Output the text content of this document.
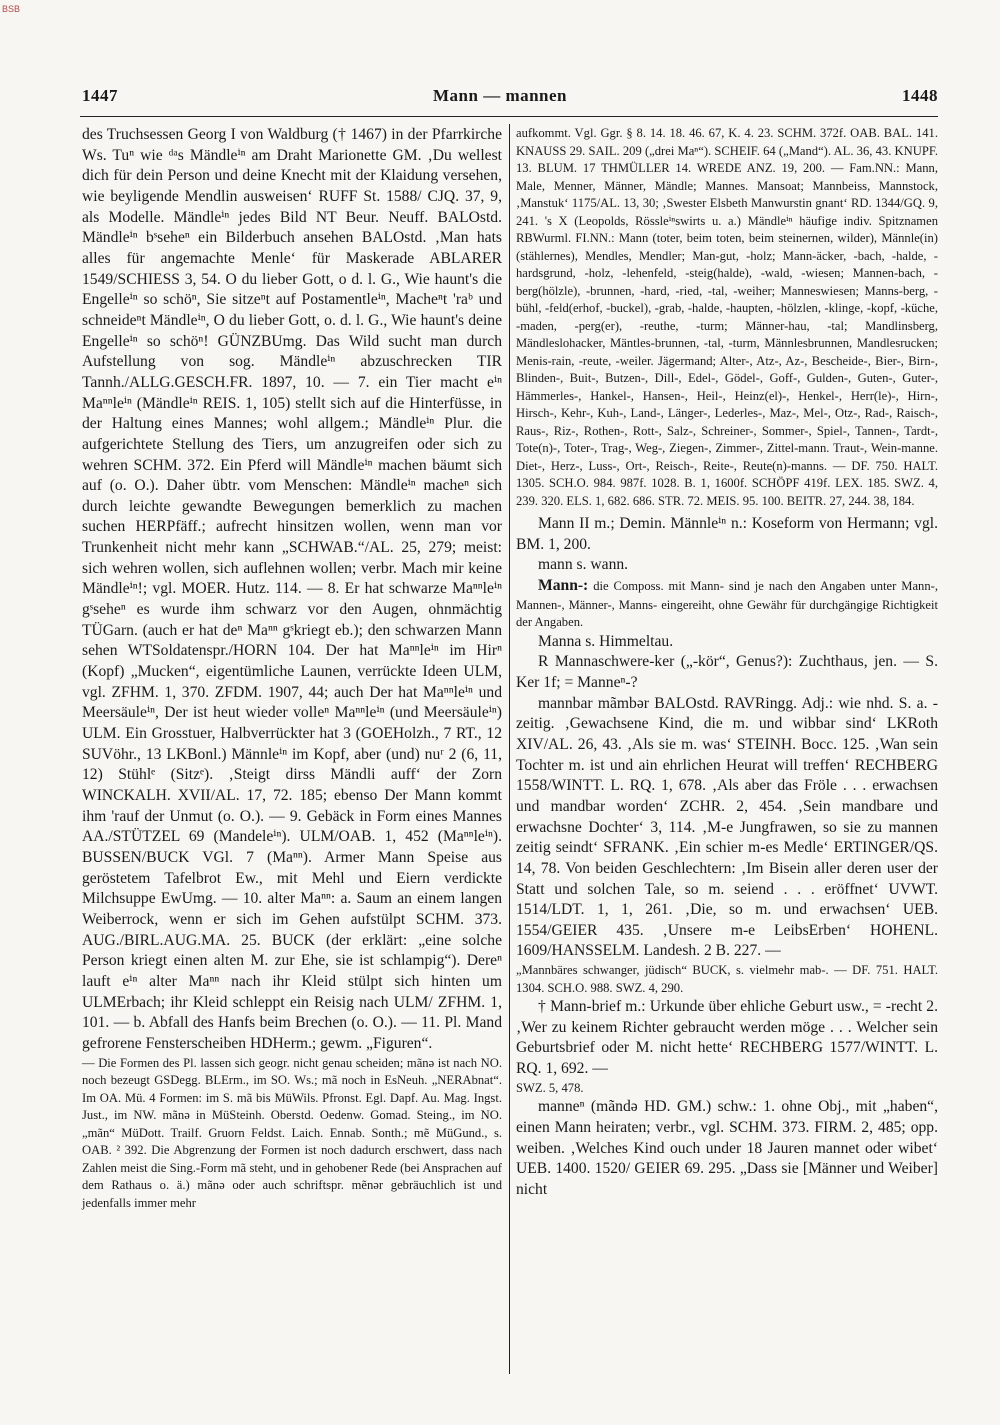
BSB
1447	Mann — mannen	1448

des Truchsessen Georg I von Waldburg († 1467) in der Pfarrkirche Ws. Tuⁿ wie ᵈᵃs Mändleⁱⁿ am Draht Marionette GM. ‚Du wellest dich für dein Person und deine Knecht mit der Klaidung versehen, wie beyligende Mendlin ausweisen‘ RUFF St. 1588/ CJQ. 37, 9, als Modelle. Mändleⁱⁿ jedes Bild NT Beur. Neuff. BALOstd. Mändleⁱⁿ bˢseheⁿ ein Bilderbuch ansehen BALOstd. ‚Man hats alles für angemachte Menle‘ für Maskerade ABLARER 1549/SCHIESS 3, 54. O du lieber Gott, o d. l. G., Wie haunt's die Engelleⁱⁿ so schöⁿ, Sie sitzeⁿt auf Postamentleⁱⁿ, Macheⁿt 'raᵇ und schneideⁿt Mändleⁱⁿ, O du lieber Gott, o. d. l. G., Wie haunt's deine Engelleⁱⁿ so schöⁿ! GÜNZBUmg. Das Wild sucht man durch Aufstellung von sog. Mändleⁱⁿ abzuschrecken TIR Tannh./ALLG.GESCH.FR. 1897, 10. — 7. ein Tier macht eⁱⁿ Maⁿⁿleⁱⁿ (Mändleⁱⁿ REIS. 1, 105) stellt sich auf die Hinterfüsse, in der Haltung eines Mannes; wohl allgem.; Mändleⁱⁿ Plur. die aufgerichtete Stellung des Tiers, um anzugreifen oder sich zu wehren SCHM. 372. Ein Pferd will Mändleⁱⁿ machen bäumt sich auf (o. O.). Daher übtr. vom Menschen: Mändleⁱⁿ macheⁿ sich durch leichte gewandte Bewegungen bemerklich zu machen suchen HERPfäff.; aufrecht hinsitzen wollen, wenn man vor Trunkenheit nicht mehr kann „SCHWAB.“/AL. 25, 279; meist: sich wehren wollen, sich auflehnen wollen; verbr. Mach mir keine Mändleⁱⁿ!; vgl. MOER. Hutz. 114. — 8. Er hat schwarze Maⁿⁿleⁱⁿ gˢseheⁿ es wurde ihm schwarz vor den Augen, ohnmächtig TÜGarn. (auch er hat deⁿ Maⁿⁿ gˢkriegt eb.); den schwarzen Mann sehen WTSoldatenspr./HORN 104. Der hat Maⁿⁿleⁱⁿ im Hirⁿ (Kopf) „Mucken“, eigentümliche Launen, verrückte Ideen ULM, vgl. ZFHM. 1, 370. ZFDM. 1907, 44; auch Der hat Maⁿⁿleⁱⁿ und Meersäuleⁱⁿ, Der ist heut wieder volleⁿ Maⁿⁿleⁱⁿ (und Meersäuleⁱⁿ) ULM. Ein Grosstuer, Halbverrückter hat 3 (GOEHolzh., 7 RT., 12 SUVöhr., 13 LKBonl.) Männleⁱⁿ im Kopf, aber (und) nuʳ 2 (6, 11, 12) Stühlᵉ (Sitzᵉ). ‚Steigt dirss Mändli auff‘ der Zorn WINCKALH. XVII/AL. 17, 72. 185; ebenso Der Mann kommt ihm 'rauf der Unmut (o. O.). — 9. Gebäck in Form eines Mannes AA./STÜTZEL 69 (Mandeleⁱⁿ). ULM/OAB. 1, 452 (Maⁿⁿleⁱⁿ). BUSSEN/BUCK VGl. 7 (Maⁿⁿ). Armer Mann Speise aus geröstetem Tafelbrot Ew., mit Mehl und Eiern verdickte Milchsuppe EwUmg. — 10. alter Maⁿⁿ: a. Saum an einem langen Weiberrock, wenn er sich im Gehen aufstülpt SCHM. 373. AUG./BIRL.AUG.MA. 25. BUCK (der erklärt: „eine solche Person kriegt einen alten M. zur Ehe, sie ist schlampig“). Dereⁿ lauft eⁱⁿ alter Maⁿⁿ nach ihr Kleid stülpt sich hinten um ULMErbach; ihr Kleid schleppt ein Reisig nach ULM/ ZFHM. 1, 101. — b. Abfall des Hanfs beim Brechen (o. O.). — 11. Pl. Mand gefrorene Fensterscheiben HDHerm.; gewm. „Figuren“.

— Die Formen des Pl. lassen sich geogr. nicht genau scheiden; mãnə ist nach NO. noch bezeugt GSDegg. BLErm., im SO. Ws.; mã noch in EsNeuh. „NERAbnat“. Im OA. Mü. 4 Formen: im S. mã bis MüWils. Pfronst. Egl. Dapf. Au. Mag. Ingst. Just., im NW. mãnə in MüSteinh. Oberstd. Oedenw. Gomad. Steing., im NO. „mãn“ MüDott. Trailf. Gruorn Feldst. Laich. Ennab. Sonth.; mẽ MüGund., s. OAB. ² 392. Die Abgrenzung der Formen ist noch dadurch erschwert, dass nach Zahlen meist die Sing.-Form mã steht, und in gehobener Rede (bei Ansprachen auf dem Rathaus o. ä.) mãnə oder auch schriftspr. mẽnər gebräuchlich ist und jedenfalls immer mehr

aufkommt. Vgl. Ggr. § 8. 14. 18. 46. 67, K. 4. 23. SCHM. 372f. OAB. BAL. 141. KNAUSS 29. SAIL. 209 („drei Maⁿ“). SCHEIF. 64 („Mand“). AL. 36, 43. KNUPF. 13. BLUM. 17 THMÜLLER 14. WREDE ANZ. 19, 200. — Fam.NN.: Mann, Male, Menner, Männer, Mändle; Mannes. Mansoat; Mannbeiss, Mannstock, ‚Manstuk‘ 1175/AL. 13, 30; ‚Swester Elsbeth Manwurstin gnant‘ RD. 1344/GQ. 9, 241. 's X (Leopolds, Rössleⁱⁿswirts u. a.) Mändleⁱⁿ häufige indiv. Spitznamen RBWurml. FI.NN.: Mann (toter, beim toten, beim steinernen, wilder), Männle(in) (stählernes), Mendles, Mendler; Man-gut, -holz; Mann-äcker, -bach, -halde, -hardsgrund, -holz, -lehenfeld, -steig(halde), -wald, -wiesen; Mannen-bach, -berg(hölzle), -brunnen, -hard, -ried, -tal, -weiher; Manneswiesen; Manns-berg, -bühl, -feld(erhof, -buckel), -grab, -halde, -haupten, -hölzlen, -klinge, -kopf, -küche, -maden, -perg(er), -reuthe, -turm; Männer-hau, -tal; Mandlinsberg, Mändleslohacker, Mäntles-brunnen, -tal, -turm, Männlesbrunnen, Mandlesrucken; Menis-rain, -reute, -weiler. Jägermand; Alter-, Atz-, Az-, Bescheide-, Bier-, Birn-, Blinden-, Buit-, Butzen-, Dill-, Edel-, Gödel-, Goff-, Gulden-, Guten-, Guter-, Hämmerles-, Hankel-, Hansen-, Heil-, Heinz(el)-, Henkel-, Herr(le)-, Hirn-, Hirsch-, Kehr-, Kuh-, Land-, Länger-, Lederles-, Maz-, Mel-, Otz-, Rad-, Raisch-, Raus-, Riz-, Rothen-, Rott-, Salz-, Schreiner-, Sommer-, Spiel-, Tannen-, Tardt-, Tote(n)-, Toter-, Trag-, Weg-, Ziegen-, Zimmer-, Zittel-mann. Traut-, Wein-manne. Diet-, Herz-, Luss-, Ort-, Reisch-, Reite-, Reute(n)-manns. — DF. 750. HALT. 1305. SCH.O. 984. 987f. 1028. B. 1, 1600f. SCHÖPF 419f. LEX. 185. SWZ. 4, 239. 320. ELS. 1, 682. 686. STR. 72. MEIS. 95. 100. BEITR. 27, 244. 38, 184.

Mann II m.; Demin. Männleⁱⁿ n.: Koseform von Hermann; vgl. BM. 1, 200.

mann s. wann.

Mann-: die Composs. mit Mann- sind je nach den Angaben unter Mann-, Mannen-, Männer-, Manns- eingereiht, ohne Gewähr für durchgängige Richtigkeit der Angaben.

Manna s. Himmeltau.

R Mannaschwere-ker („-kör“, Genus?): Zuchthaus, jen. — S. Ker 1f; = Manneⁿ-?

mannbar mãmbər BALOstd. RAVRingg. Adj.: wie nhd. S. a. -zeitig. ‚Gewachsene Kind, die m. und wibbar sind‘ LKRoth XIV/AL. 26, 43. ‚Als sie m. was‘ STEINH. Bocc. 125. ‚Wan sein Tochter m. ist und ain ehrlichen Heurat will treffen‘ RECHBERG 1558/WINTT. L. RQ. 1, 678. ‚Als aber das Fröle . . . erwachsen und mandbar worden‘ ZCHR. 2, 454. ‚Sein mandbare und erwachsne Dochter‘ 3, 114. ‚M-e Jungfrawen, so sie zu mannen zeitig seindt‘ SFRANK. ‚Ein schier m-es Medle‘ ERTINGER/QS. 14, 78. Von beiden Geschlechtern: ‚Im Bisein aller deren user der Statt und solchen Tale, so m. seiend . . . eröffnet‘ UVWT. 1514/LDT. 1, 1, 261. ‚Die, so m. und erwachsen‘ UEB. 1554/GEIER 435. ‚Unsere m-e LeibsErben‘ HOHENL. 1609/HANSSELM. Landesh. 2 B. 227. —

„Mannbäres schwanger, jüdisch“ BUCK, s. vielmehr mab-. — DF. 751. HALT. 1304. SCH.O. 988. SWZ. 4, 290.

† Mann-brief m.: Urkunde über ehliche Geburt usw., = -recht 2. ‚Wer zu keinem Richter gebraucht werden möge . . . Welcher sein Geburtsbrief oder M. nicht hette‘ RECHBERG 1577/WINTT. L. RQ. 1, 692. —

SWZ. 5, 478.

manneⁿ (mãndə HD. GM.) schw.: 1. ohne Obj., mit „haben“, einen Mann heiraten; verbr., vgl. SCHM. 373. FIRM. 2, 485; opp. weiben. ‚Welches Kind ouch under 18 Jauren mannet oder wibet‘ UEB. 1400. 1520/ GEIER 69. 295. „Dass sie [Männer und Weiber] nicht
